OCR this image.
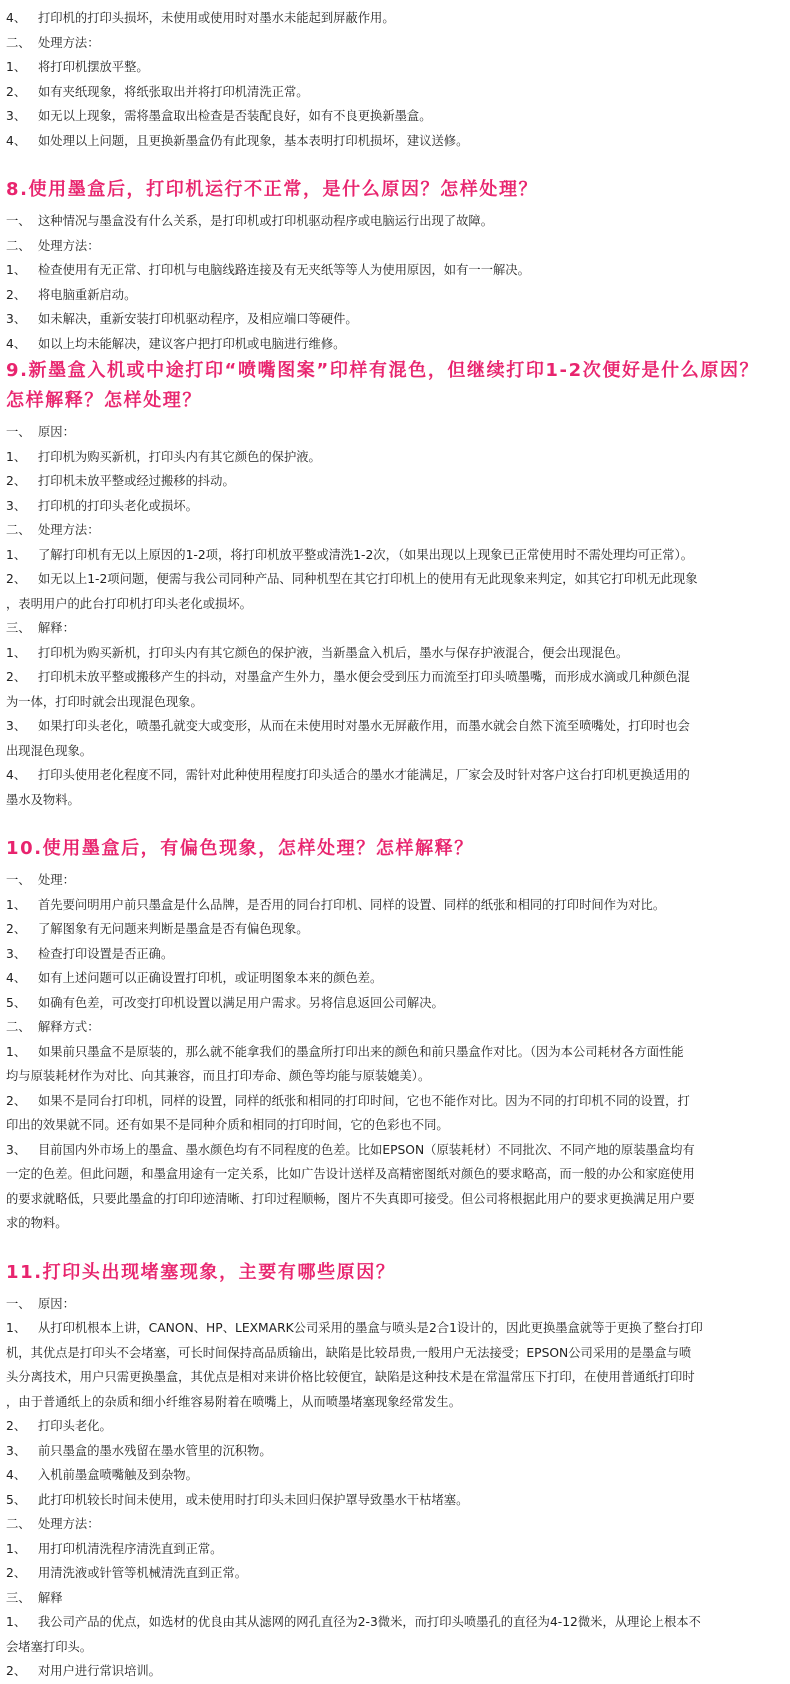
4、 打印机的打印头损坏，未使用或使用时对墨水未能起到屏蔽作用。
二、 处理方法：
1、 将打印机摆放平整。
2、 如有夹纸现象，将纸张取出并将打印机清洗正常。
3、 如无以上现象，需将墨盒取出检查是否装配良好，如有不良更换新墨盒。
4、 如处理以上问题，且更换新墨盒仍有此现象，基本表明打印机损坏，建议送修。
8.使用墨盒后，打印机运行不正常，是什么原因？怎样处理？
一、 这种情况与墨盒没有什么关系，是打印机或打印机驱动程序或电脑运行出现了故障。
二、 处理方法：
1、 检查使用有无正常、打印机与电脑线路连接及有无夹纸等等人为使用原因，如有一一解决。
2、 将电脑重新启动。
3、 如未解决，重新安装打印机驱动程序，及相应端口等硬件。
4、 如以上均未能解决，建议客户把打印机或电脑进行维修。
9.新墨盒入机或中途打印“喷嘴图案”印样有混色，但继续打印1-2次便好是什么原因？怎样解释？怎样处理？
一、 原因：
1、 打印机为购买新机，打印头内有其它颜色的保护液。
2、 打印机未放平整或经过搬移的抖动。
3、 打印机的打印头老化或损坏。
二、 处理方法：
1、 了解打印机有无以上原因的1-2项，将打印机放平整或清洗1-2次，（如果出现以上现象已正常使用时不需处理均可正常）。
2、 如无以上1-2项问题，便需与我公司同种产品、同种机型在其它打印机上的使用有无此现象来判定，如其它打印机无此现象
，表明用户的此台打印机打印头老化或损坏。
三、 解释：
1、 打印机为购买新机，打印头内有其它颜色的保护液，当新墨盒入机后，墨水与保存护液混合，便会出现混色。
2、 打印机未放平整或搬移产生的抖动，对墨盒产生外力，墨水便会受到压力而流至打印头喷墨嘴，而形成水滴或几种颜色混
为一体，打印时就会出现混色现象。
3、 如果打印头老化，喷墨孔就变大或变形，从而在未使用时对墨水无屏蔽作用，而墨水就会自然下流至喷嘴处，打印时也会
出现混色现象。
4、 打印头使用老化程度不同，需针对此种使用程度打印头适合的墨水才能满足，厂家会及时针对客户这台打印机更换适用的
墨水及物料。
10.使用墨盒后，有偏色现象，怎样处理？怎样解释？
一、 处理：
1、 首先要问明用户前只墨盒是什么品牌，是否用的同台打印机、同样的设置、同样的纸张和相同的打印时间作为对比。
2、 了解图象有无问题来判断是墨盒是否有偏色现象。
3、 检查打印设置是否正确。
4、 如有上述问题可以正确设置打印机，或证明图象本来的颜色差。
5、 如确有色差，可改变打印机设置以满足用户需求。另将信息返回公司解决。
二、 解释方式：
1、 如果前只墨盒不是原装的，那么就不能拿我们的墨盒所打印出来的颜色和前只墨盒作对比。（因为本公司耗材各方面性能
均与原装耗材作为对比、向其兼容，而且打印寿命、颜色等均能与原装媲美）。
2、 如果不是同台打印机，同样的设置，同样的纸张和相同的打印时间，它也不能作对比。因为不同的打印机不同的设置，打
印出的效果就不同。还有如果不是同种介质和相同的打印时间，它的色彩也不同。
3、 目前国内外市场上的墨盒、墨水颜色均有不同程度的色差。比如EPSON（原装耗材）不同批次、不同产地的原装墨盒均有
一定的色差。但此问题，和墨盒用途有一定关系，比如广告设计送样及高精密图纸对颜色的要求略高，而一般的办公和家庭使用
的要求就略低，只要此墨盒的打印印迹清晰、打印过程顺畅，图片不失真即可接受。但公司将根据此用户的要求更换满足用户要
求的物料。
11.打印头出现堵塞现象，主要有哪些原因？
一、 原因：
1、 从打印机根本上讲，CANON、HP、LEXMARK公司采用的墨盒与喷头是2合1设计的，因此更换墨盒就等于更换了整台打印
机，其优点是打印头不会堵塞，可长时间保持高品质输出，缺陷是比较昂贵,一般用户无法接受；EPSON公司采用的是墨盒与喷
头分离技术，用户只需更换墨盒，其优点是相对来讲价格比较便宜，缺陷是这种技术是在常温常压下打印，在使用普通纸打印时
，由于普通纸上的杂质和细小纤维容易附着在喷嘴上，从而喷墨堵塞现象经常发生。
2、 打印头老化。
3、 前只墨盒的墨水残留在墨水管里的沉积物。
4、 入机前墨盒喷嘴触及到杂物。
5、 此打印机较长时间未使用，或未使用时打印头未回归保护罩导致墨水干枯堵塞。
二、 处理方法：
1、 用打印机清洗程序清洗直到正常。
2、 用清洗液或针管等机械清洗直到正常。
三、 解释
1、 我公司产品的优点，如选材的优良由其从滤网的网孔直径为2-3微米，而打印头喷墨孔的直径为4-12微米，从理论上根本不
会堵塞打印头。
2、 对用户进行常识培训。
